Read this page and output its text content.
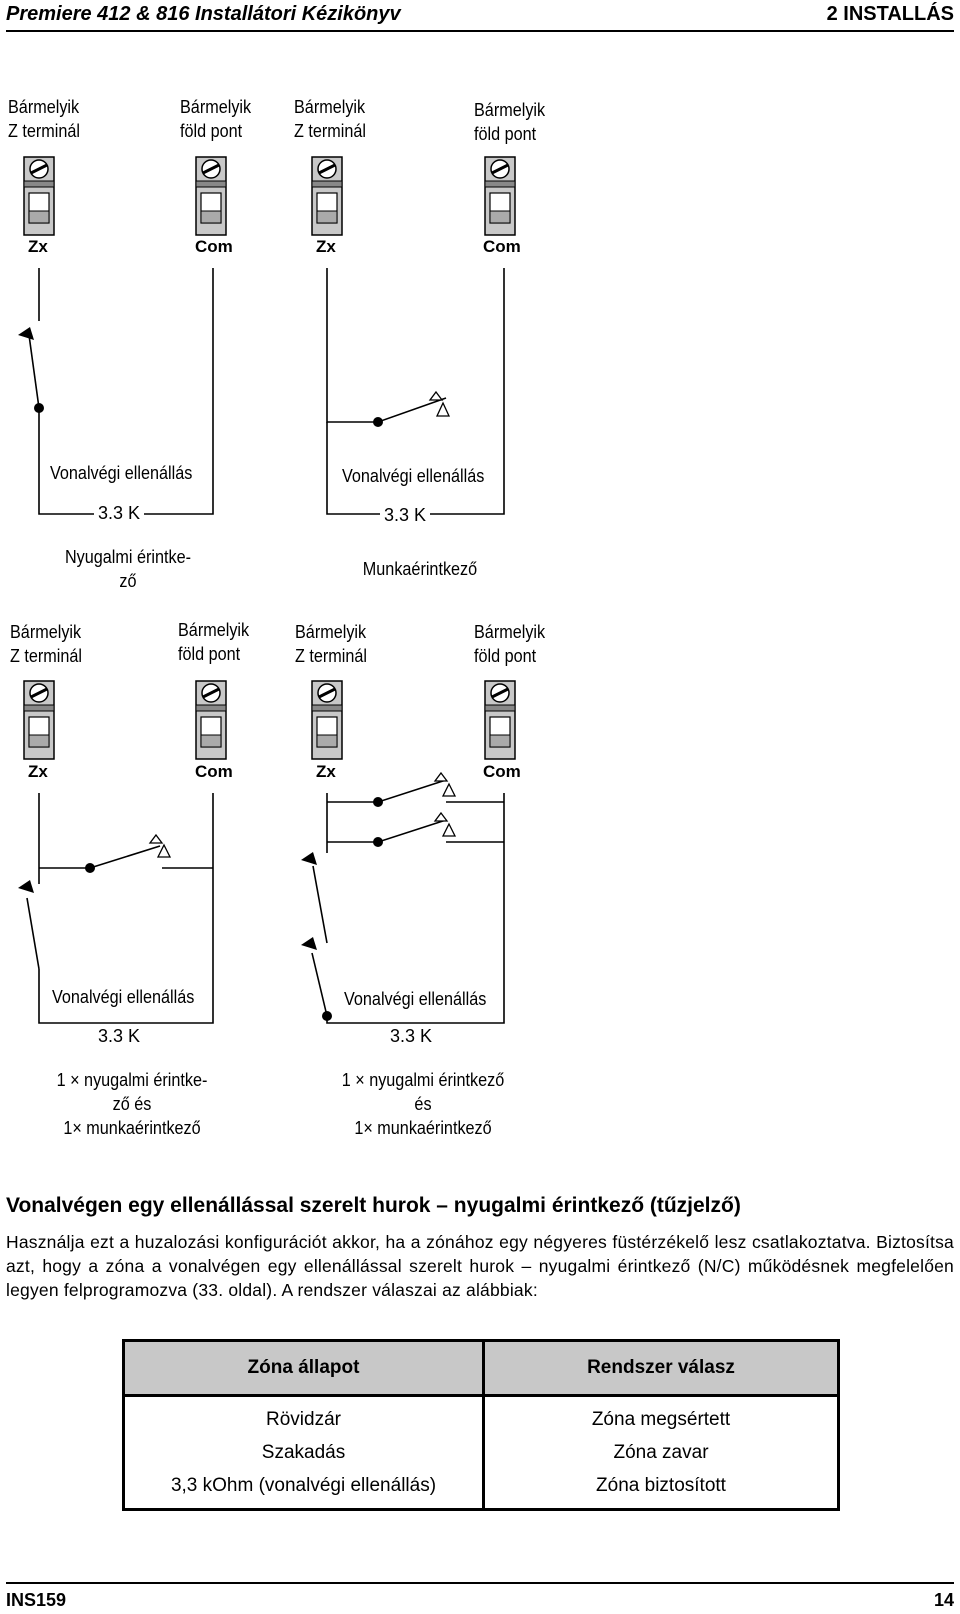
Premiere 412 & 816 Installátori Kézikönyv	2 INSTALLÁS
Bármelyik
Z terminál
Bármelyik
föld pont
Bármelyik
Z terminál
Bármelyik
föld pont
Zx	Com	Zx	Com
Vonalvégi ellenállás
3.3 K
Vonalvégi ellenállás
3.3 K
Nyugalmi érintke-
ző
Munkaérintkező
Bármelyik
Z terminál
Bármelyik
föld pont
Bármelyik
Z terminál
Bármelyik
föld pont
Zx	Com	Zx	Com
Vonalvégi ellenállás
3.3 K
Vonalvégi ellenállás
3.3 K
1 × nyugalmi érintke-
ző és
1× munkaérintkező
1 × nyugalmi érintkező
és
1× munkaérintkező
Vonalvégen egy ellenállással szerelt hurok – nyugalmi érintkező (tűzjelző)
Használja ezt a huzalozási konfigurációt akkor, ha a zónához egy négyeres füstérzékelő lesz csatlakoztatva. Biztosítsa azt, hogy a zóna a vonalvégen egy ellenállással szerelt hurok – nyugalmi érintkező (N/C) működésnek megfelelően legyen felprogramozva (33. oldal). A rendszer válaszai az alábbiak:
Zóna állapot	Rendszer válasz
Rövidzár	Zóna megsértett
Szakadás	Zóna zavar
3,3 kOhm (vonalvégi ellenállás)	Zóna biztosított
INS159	14
